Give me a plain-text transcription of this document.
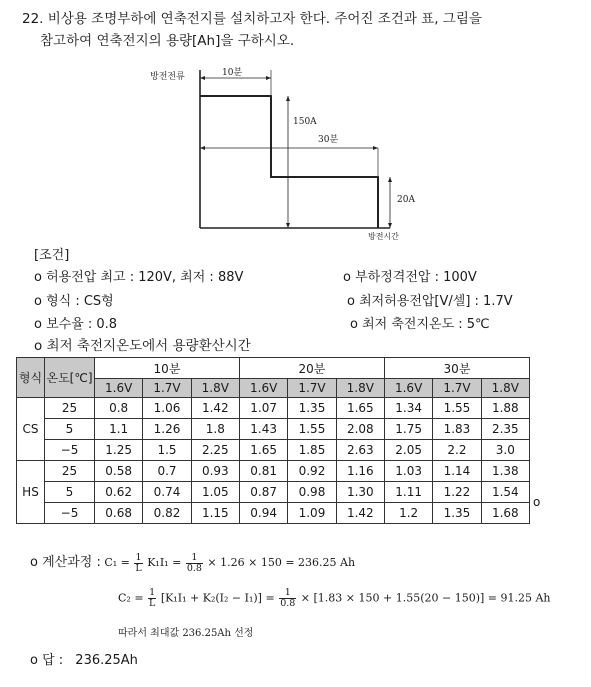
22. 비상용 조명부하에 연축전지를 설치하고자 한다. 주어진 조건과 표, 그림을
참고하여 연축전지의 용량[Ah]을 구하시오.
방전전류	10분
30분
150A
20A
방전시간
[조건]
o 허용전압 최고 : 120V, 최저 : 88V	o 부하정격전압 : 100V
o 형식 : CS형	o 최저허용전압[V/셀] : 1.7V
o 보수율 : 0.8	o 최저 축전지온도 : 5℃
o 최저 축전지온도에서 용량환산시간
형식	온도[℃]	10분			20분			30분		
		1.6V	1.7V	1.8V	1.6V	1.7V	1.8V	1.6V	1.7V	1.8V
CS	25	0.8	1.06	1.42	1.07	1.35	1.65	1.34	1.55	1.88
	5	1.1	1.26	1.8	1.43	1.55	2.08	1.75	1.83	2.35
	−5	1.25	1.5	2.25	1.65	1.85	2.63	2.05	2.2	3.0
HS	25	0.58	0.7	0.93	0.81	0.92	1.16	1.03	1.14	1.38
	5	0.62	0.74	1.05	0.87	0.98	1.30	1.11	1.22	1.54
	−5	0.68	0.82	1.15	0.94	1.09	1.42	1.2	1.35	1.68
o
o 계산과정 : $C_1 = \frac{1}{L} K_1I_1 = \frac{1}{0.8} \times 1.26 \times 150 = 236.25$ Ah
$C_2 = \frac{1}{L} [K_1I_1 + K_2(I_2 - I_1)] = \frac{1}{0.8} \times [1.83 \times 150 + 1.55(20 - 150)] = 91.25$ Ah
따라서 최대값 236.25Ah 선정
o 답 : 236.25Ah
